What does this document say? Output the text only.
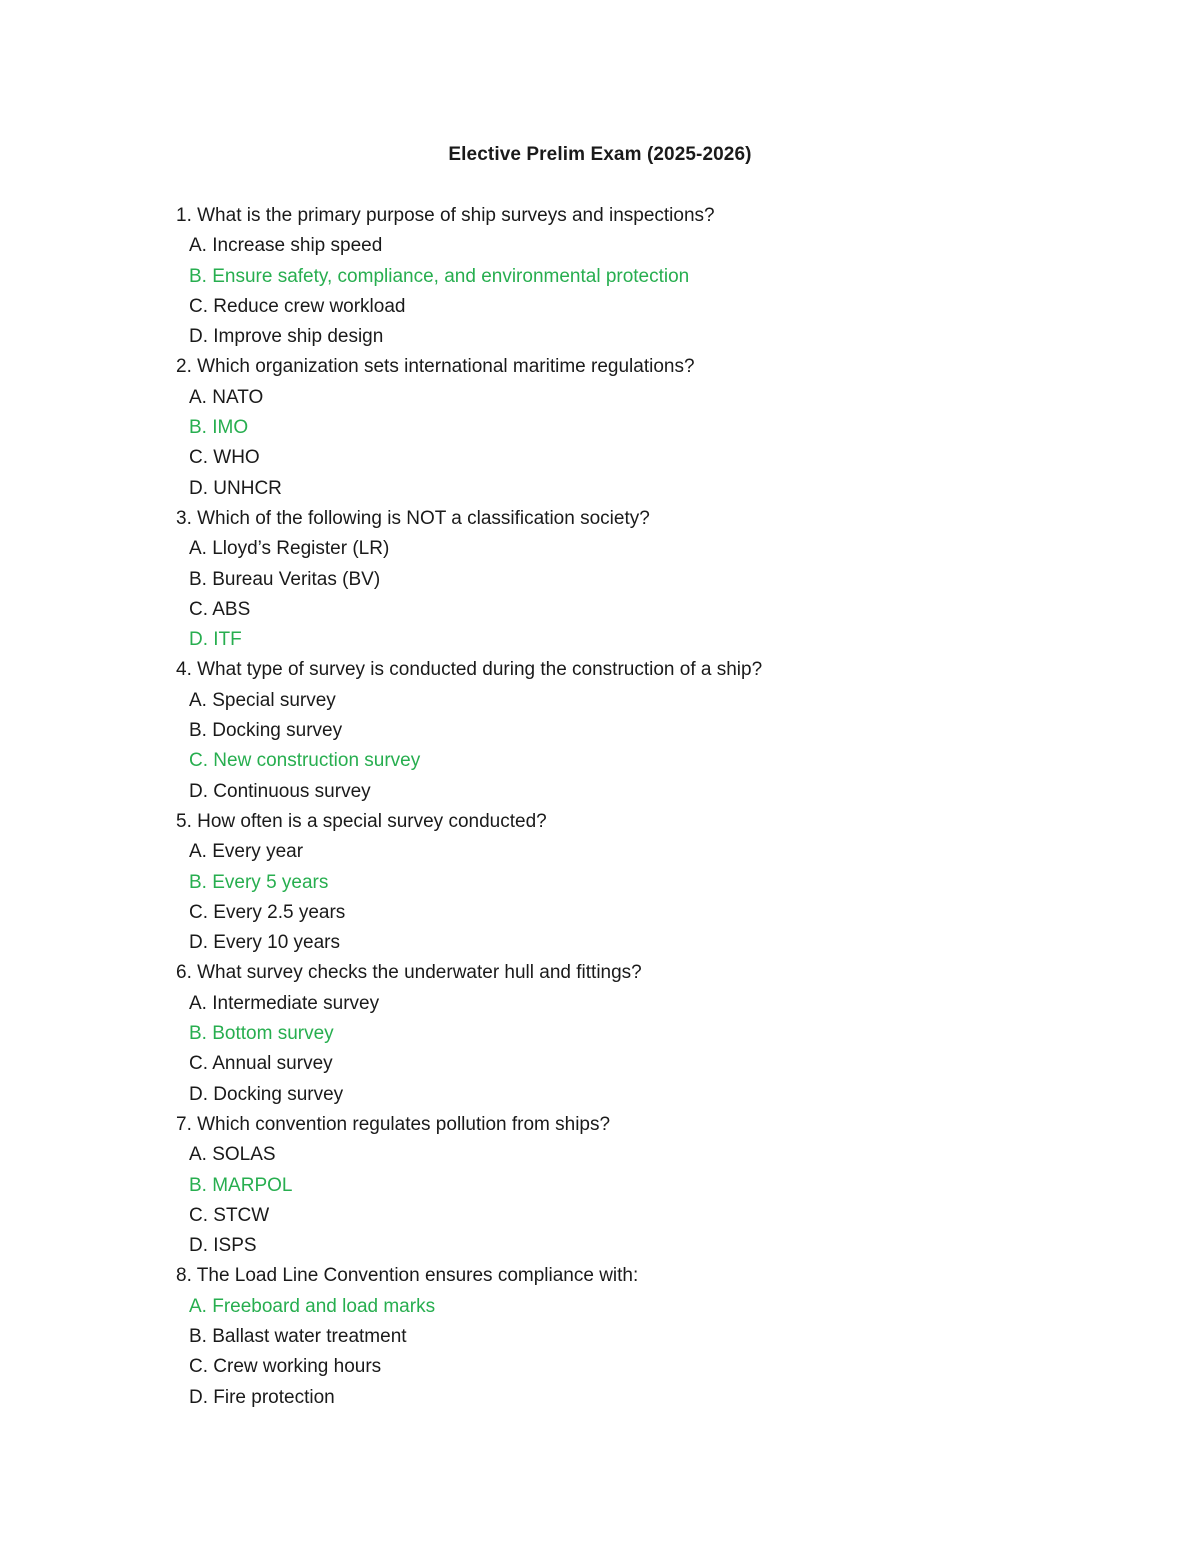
Elective Prelim Exam (2025-2026)
1. What is the primary purpose of ship surveys and inspections?
A. Increase ship speed
B. Ensure safety, compliance, and environmental protection
C. Reduce crew workload
D. Improve ship design
2. Which organization sets international maritime regulations?
A. NATO
B. IMO
C. WHO
D. UNHCR
3. Which of the following is NOT a classification society?
A. Lloyd’s Register (LR)
B. Bureau Veritas (BV)
C. ABS
D. ITF
4. What type of survey is conducted during the construction of a ship?
A. Special survey
B. Docking survey
C. New construction survey
D. Continuous survey
5. How often is a special survey conducted?
A. Every year
B. Every 5 years
C. Every 2.5 years
D. Every 10 years
6. What survey checks the underwater hull and fittings?
A. Intermediate survey
B. Bottom survey
C. Annual survey
D. Docking survey
7. Which convention regulates pollution from ships?
A. SOLAS
B. MARPOL
C. STCW
D. ISPS
8. The Load Line Convention ensures compliance with:
A. Freeboard and load marks
B. Ballast water treatment
C. Crew working hours
D. Fire protection
